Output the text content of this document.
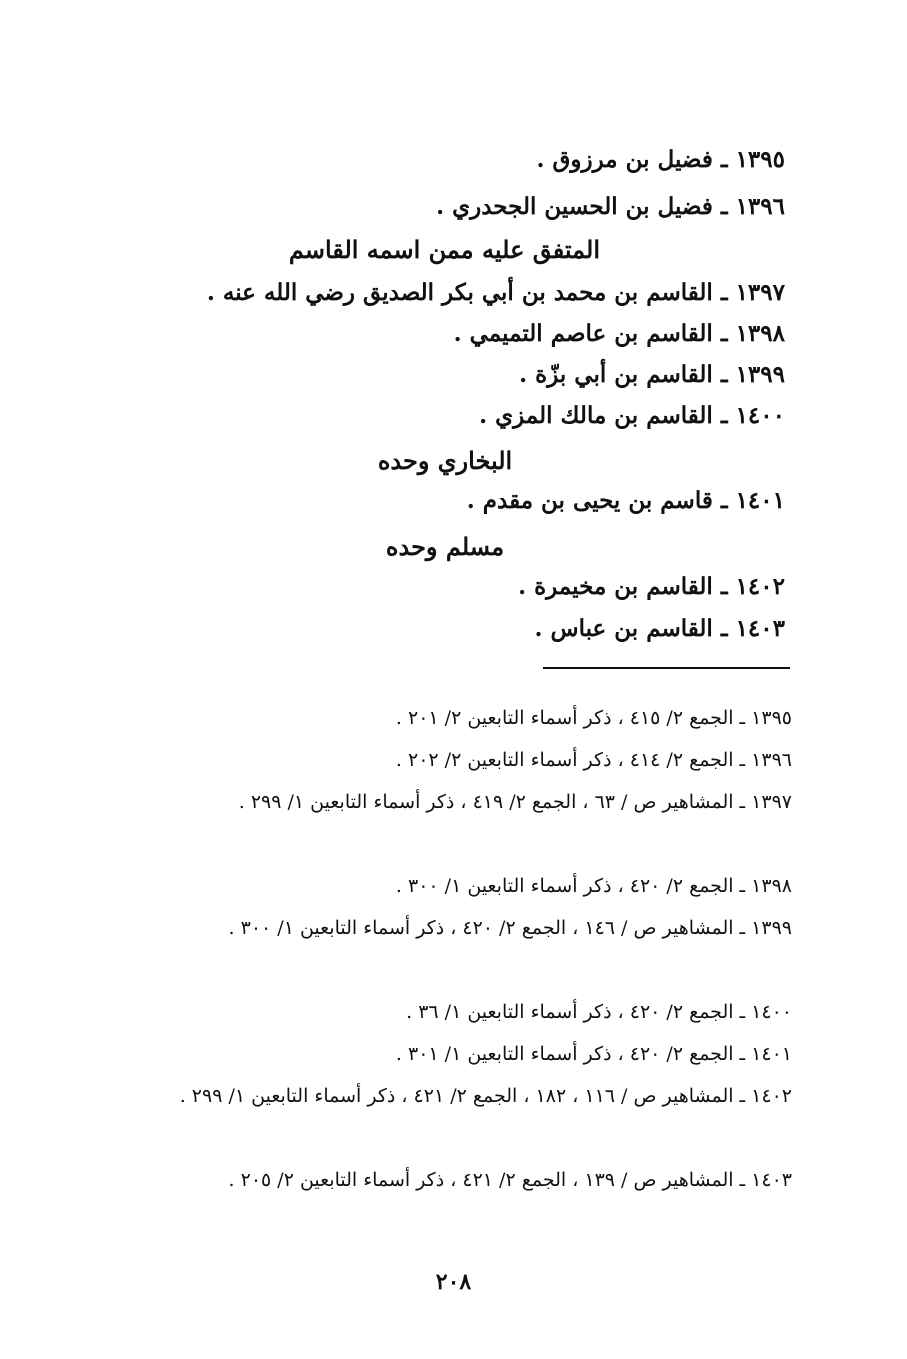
١٣٩٥ ـ فضيل بن مرزوق .
١٣٩٦ ـ فضيل بن الحسين الجحدري .
المتفق عليه ممن اسمه القاسم
١٣٩٧ ـ القاسم بن محمد بن أبي بكر الصديق رضي الله عنه .
١٣٩٨ ـ القاسم بن عاصم التميمي .
١٣٩٩ ـ القاسم بن أبي بزّة .
١٤٠٠ ـ القاسم بن مالك المزي .
البخاري وحده
١٤٠١ ـ قاسم بن يحيى بن مقدم .
مسلم وحده
١٤٠٢ ـ القاسم بن مخيمرة .
١٤٠٣ ـ القاسم بن عباس .
١٣٩٥ ـ الجمع ٢/ ٤١٥ ، ذكر أسماء التابعين ٢/ ٢٠١ .
١٣٩٦ ـ الجمع ٢/ ٤١٤ ، ذكر أسماء التابعين ٢/ ٢٠٢ .
١٣٩٧ ـ المشاهير ص / ٦٣ ، الجمع ٢/ ٤١٩ ، ذكر أسماء التابعين ١/ ٢٩٩ .
١٣٩٨ ـ الجمع ٢/ ٤٢٠ ، ذكر أسماء التابعين ١/ ٣٠٠ .
١٣٩٩ ـ المشاهير ص / ١٤٦ ، الجمع ٢/ ٤٢٠ ، ذكر أسماء التابعين ١/ ٣٠٠ .
١٤٠٠ ـ الجمع ٢/ ٤٢٠ ، ذكر أسماء التابعين ١/ ٣٦ .
١٤٠١ ـ الجمع ٢/ ٤٢٠ ، ذكر أسماء التابعين ١/ ٣٠١ .
١٤٠٢ ـ المشاهير ص / ١١٦ ، ١٨٢ ، الجمع ٢/ ٤٢١ ، ذكر أسماء التابعين ١/ ٢٩٩ .
١٤٠٣ ـ المشاهير ص / ١٣٩ ، الجمع ٢/ ٤٢١ ، ذكر أسماء التابعين ٢/ ٢٠٥ .
٢٠٨
